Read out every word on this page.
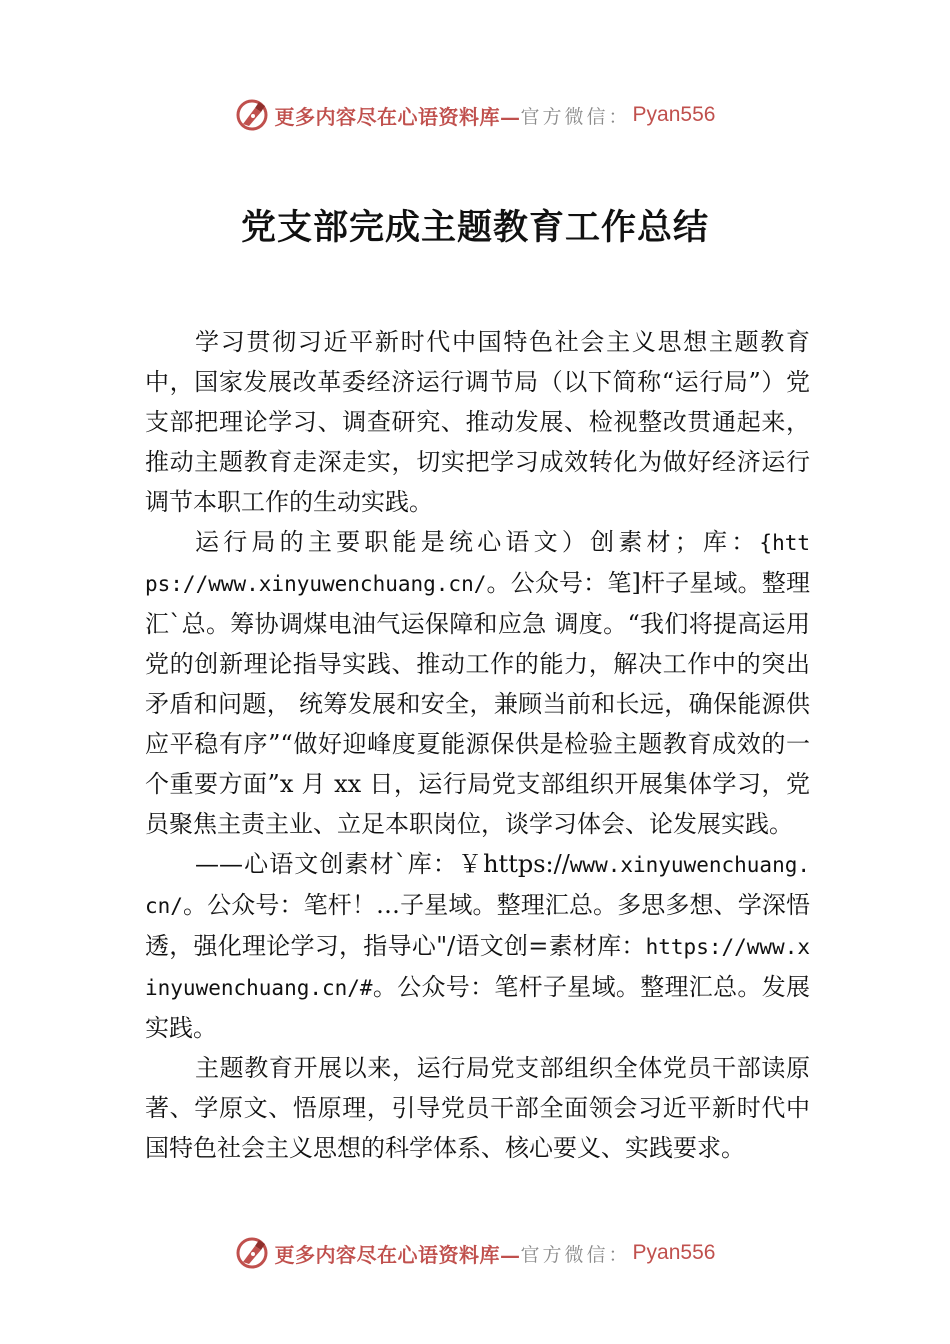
更多内容尽在心语资料库— 官方微信： Pyan556
党支部完成主题教育工作总结

学习贯彻习近平新时代中国特色社会主义思想主题教育中，国家发展改革委经济运行调节局（以下简称“运行局”）党支部把理论学习、调查研究、推动发展、检视整改贯通起来，推动主题教育走深走实，切实把学习成效转化为做好经济运行调节本职工作的生动实践。

运行局的主要职能是统心语文）创素材；库：{https://www.xinyuwenchuang.cn/。公众号：笔]杆子星域。整理汇`总。筹协调煤电油气运保障和应急 调度。“我们将提高运用党的创新理论指导实践、推动工作的能力，解决工作中的突出矛盾和问题， 统筹发展和安全，兼顾当前和长远，确保能源供应平稳有序”“做好迎峰度夏能源保供是检验主题教育成效的一个重要方面”x 月 xx 日，运行局党支部组织开展集体学习，党员聚焦主责主业、立足本职岗位，谈学习体会、论发展实践。

——心语文创素材`库：￥https://www.xinyuwenchuang.cn/。公众号：笔杆！…子星域。整理汇总。多思多想、学深悟透，强化理论学习，指导心"/语文创=素材库：https://www.xinyuwenchuang.cn/#。公众号：笔杆子星域。整理汇总。发展实践。

主题教育开展以来，运行局党支部组织全体党员干部读原著、学原文、悟原理，引导党员干部全面领会习近平新时代中国特色社会主义思想的科学体系、核心要义、实践要求。

更多内容尽在心语资料库— 官方微信： Pyan556
